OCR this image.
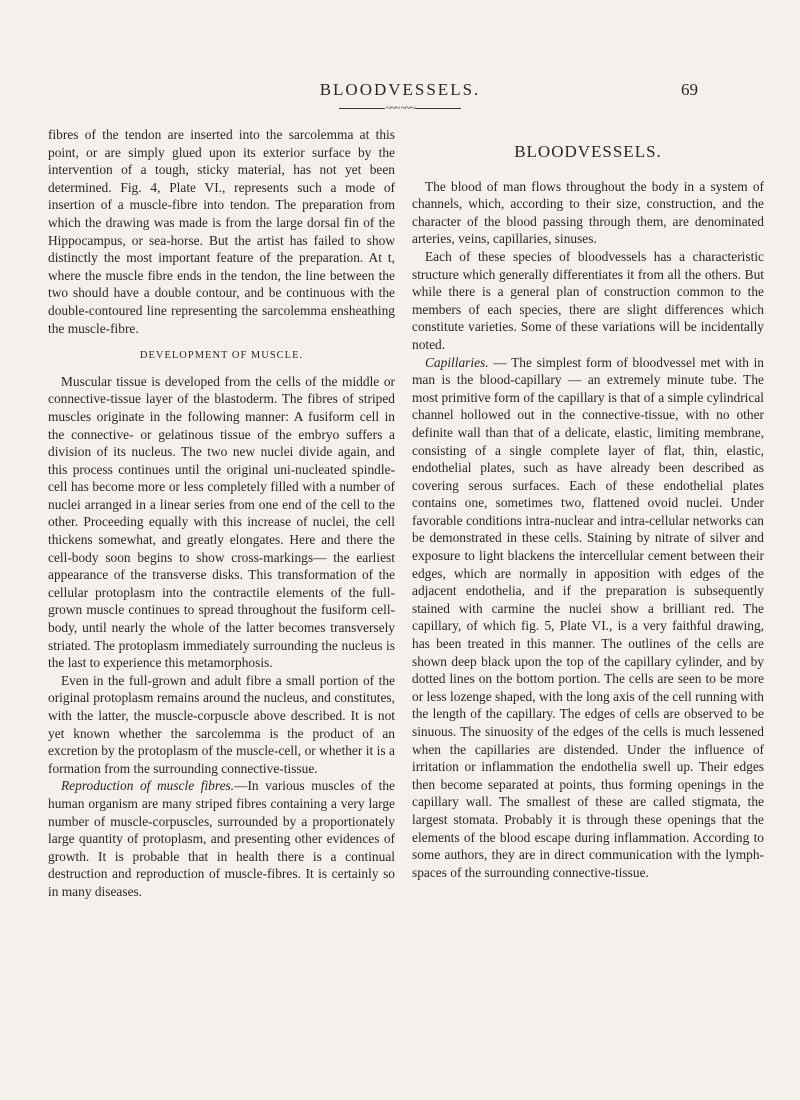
BLOODVESSELS.	69
~~~ ~~~

fibres of the tendon are inserted into the sarcolemma at this point, or are simply glued upon its exterior surface by the intervention of a tough, sticky material, has not yet been determined. Fig. 4, Plate VI., represents such a mode of insertion of a muscle-fibre into tendon. The preparation from which the drawing was made is from the large dorsal fin of the Hippocampus, or sea-horse. But the artist has failed to show distinctly the most important feature of the preparation. At t, where the muscle fibre ends in the tendon, the line between the two should have a double contour, and be continuous with the double-contoured line representing the sarcolemma ensheathing the muscle-fibre.

DEVELOPMENT OF MUSCLE.

Muscular tissue is developed from the cells of the middle or connective-tissue layer of the blastoderm. The fibres of striped muscles originate in the following manner: A fusiform cell in the connective- or gelatinous tissue of the embryo suffers a division of its nucleus. The two new nuclei divide again, and this process continues until the original uni-nucleated spindle-cell has become more or less completely filled with a number of nuclei arranged in a linear series from one end of the cell to the other. Proceeding equally with this increase of nuclei, the cell thickens somewhat, and greatly elongates. Here and there the cell-body soon begins to show cross-markings— the earliest appearance of the transverse disks. This transformation of the cellular protoplasm into the contractile elements of the full-grown muscle continues to spread throughout the fusiform cell-body, until nearly the whole of the latter becomes transversely striated. The protoplasm immediately surrounding the nucleus is the last to experience this metamorphosis.

Even in the full-grown and adult fibre a small portion of the original protoplasm remains around the nucleus, and constitutes, with the latter, the muscle-corpuscle above described. It is not yet known whether the sarcolemma is the product of an excretion by the protoplasm of the muscle-cell, or whether it is a formation from the surrounding connective-tissue.

Reproduction of muscle fibres.—In various muscles of the human organism are many striped fibres containing a very large number of muscle-corpuscles, surrounded by a proportionately large quantity of protoplasm, and presenting other evidences of growth. It is probable that in health there is a continual destruction and reproduction of muscle-fibres. It is certainly so in many diseases.

BLOODVESSELS.

The blood of man flows throughout the body in a system of channels, which, according to their size, construction, and the character of the blood passing through them, are denominated arteries, veins, capillaries, sinuses.

Each of these species of bloodvessels has a characteristic structure which generally differentiates it from all the others. But while there is a general plan of construction common to the members of each species, there are slight differences which constitute varieties. Some of these variations will be incidentally noted.

Capillaries. — The simplest form of bloodvessel met with in man is the blood-capillary — an extremely minute tube. The most primitive form of the capillary is that of a simple cylindrical channel hollowed out in the connective-tissue, with no other definite wall than that of a delicate, elastic, limiting membrane, consisting of a single complete layer of flat, thin, elastic, endothelial plates, such as have already been described as covering serous surfaces. Each of these endothelial plates contains one, sometimes two, flattened ovoid nuclei. Under favorable conditions intra-nuclear and intra-cellular networks can be demonstrated in these cells. Staining by nitrate of silver and exposure to light blackens the intercellular cement between their edges, which are normally in apposition with edges of the adjacent endothelia, and if the preparation is subsequently stained with carmine the nuclei show a brilliant red. The capillary, of which fig. 5, Plate VI., is a very faithful drawing, has been treated in this manner. The outlines of the cells are shown deep black upon the top of the capillary cylinder, and by dotted lines on the bottom portion. The cells are seen to be more or less lozenge shaped, with the long axis of the cell running with the length of the capillary. The edges of cells are observed to be sinuous. The sinuosity of the edges of the cells is much lessened when the capillaries are distended. Under the influence of irritation or inflammation the endothelia swell up. Their edges then become separated at points, thus forming openings in the capillary wall. The smallest of these are called stigmata, the largest stomata. Probably it is through these openings that the elements of the blood escape during inflammation. According to some authors, they are in direct communication with the lymph-spaces of the surrounding connective-tissue.
